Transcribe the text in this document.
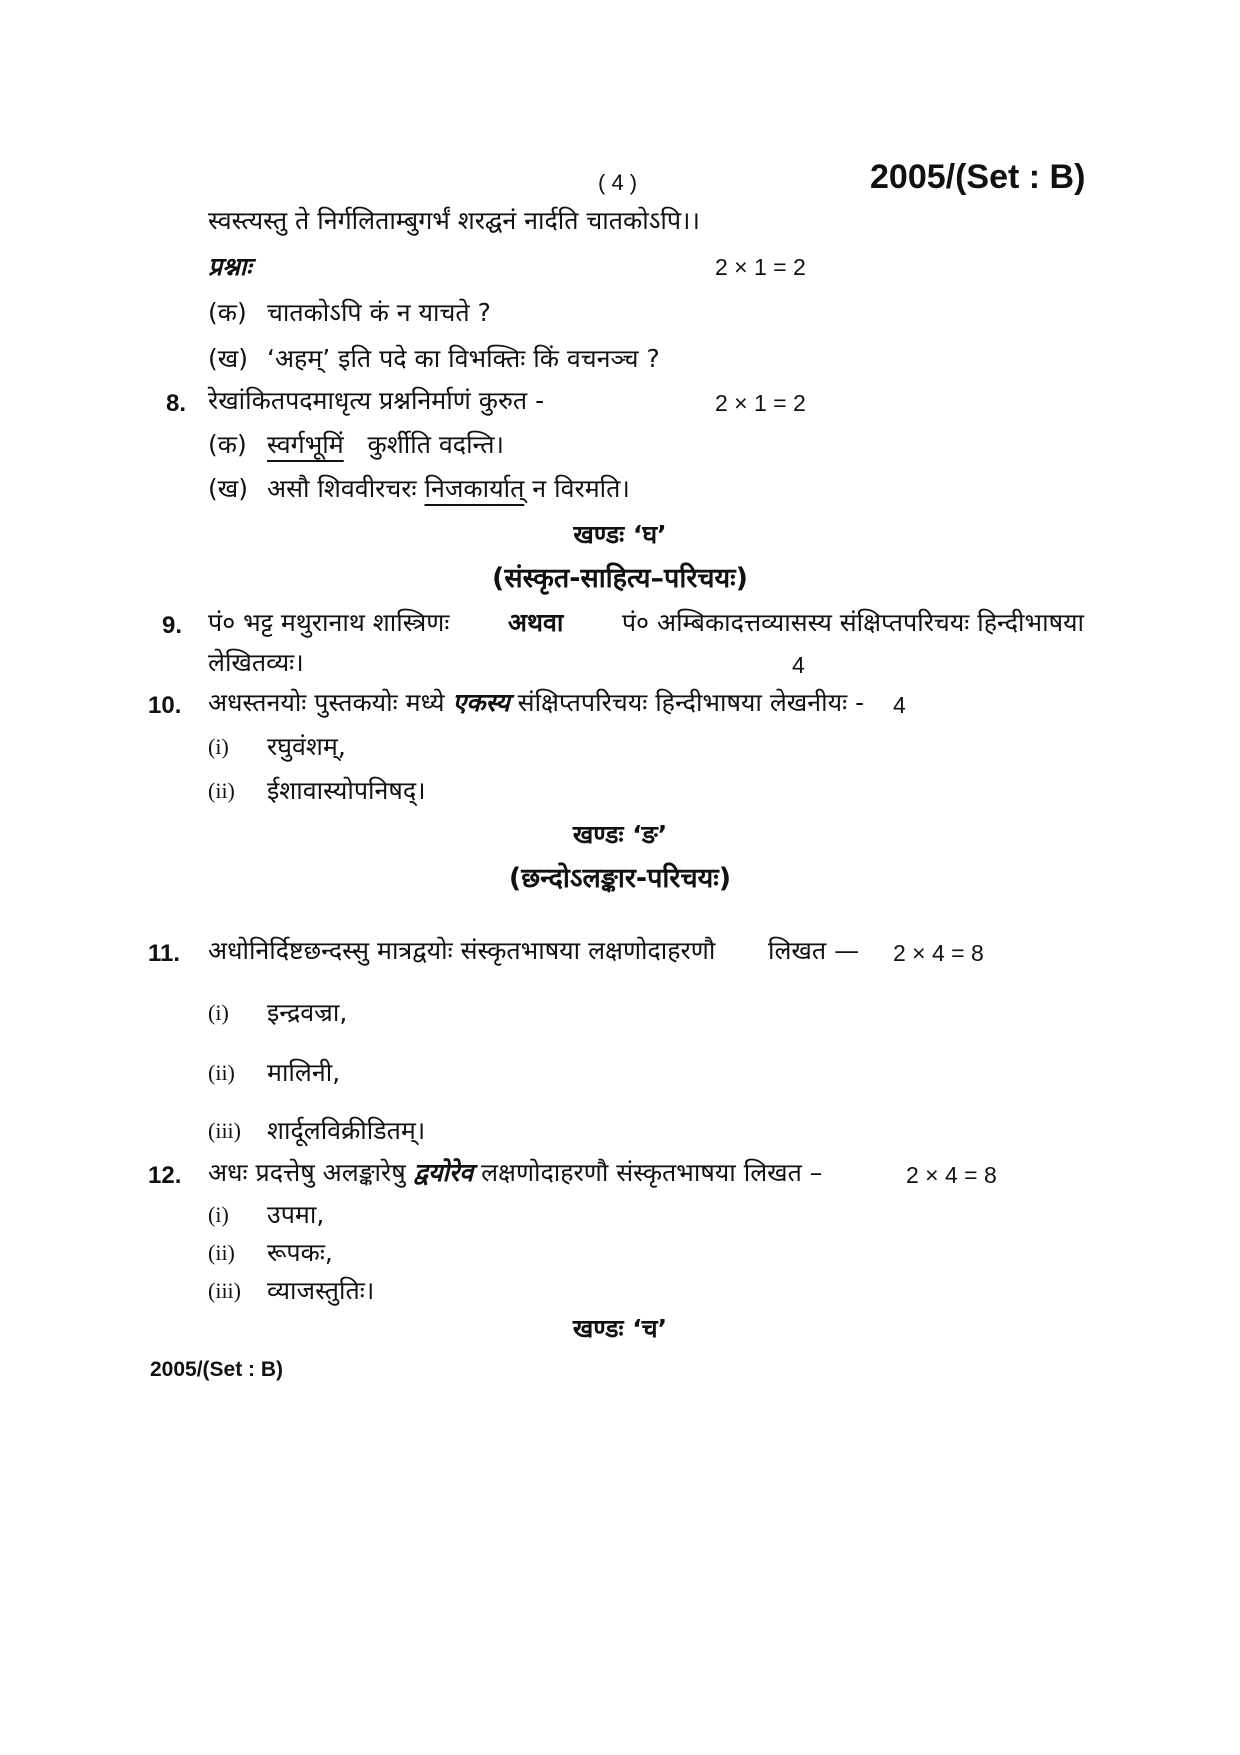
( 4 )	2005/(Set : B)
स्वस्त्यस्तु ते निर्गलिताम्बुगर्भं शरद्घनं नार्दति चातकोऽपि।।
प्रश्नाः	2 × 1 = 2
(क) चातकोऽपि कं न याचते ?
(ख) ‘अहम्’ इति पदे का विभक्तिः किं वचनञ्च ?
8. रेखांकितपदमाधृत्य प्रश्ननिर्माणं कुरुत -	2 × 1 = 2
(क) स्वर्गभूमिं कुर्शीति वदन्ति।
(ख) असौ शिववीरचरः निजकार्यात् न विरमति।
खण्डः ‘घ’
(संस्कृत-साहित्य–परिचयः)
9. पं० भट्ट मथुरानाथ शास्त्रिणः अथवा पं० अम्बिकादत्तव्यासस्य संक्षिप्तपरिचयः हिन्दीभाषया
लेखितव्यः।	4
10. अधस्तनयोः पुस्तकयोः मध्ये एकस्य संक्षिप्तपरिचयः हिन्दीभाषया लेखनीयः - 4
(i) रघुवंशम्,
(ii) ईशावास्योपनिषद्।
खण्डः ‘ङ’
(छन्दोऽलङ्कार-परिचयः)
11. अधोनिर्दिष्टछन्दस्सु मात्रद्वयोः संस्कृतभाषया लक्षणोदाहरणौ लिखत — 2 × 4 = 8
(i) इन्द्रवज्रा,
(ii) मालिनी,
(iii) शार्दूलविक्रीडितम्।
12. अधः प्रदत्तेषु अलङ्कारेषु द्वयोरेव लक्षणोदाहरणौ संस्कृतभाषया लिखत –	2 × 4 = 8
(i) उपमा,
(ii) रूपकः,
(iii) व्याजस्तुतिः।
खण्डः ‘च’
2005/(Set : B)
